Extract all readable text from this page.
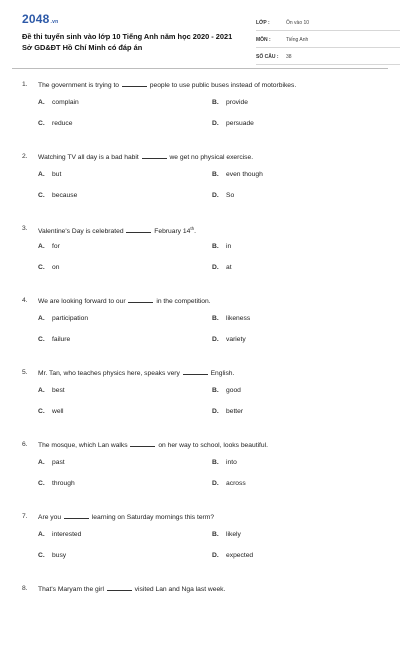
2048.vn
Đề thi tuyển sinh vào lớp 10 Tiếng Anh năm học 2020 - 2021 Sở GD&ĐT Hồ Chí Minh có đáp án
LỚP :	Ôn vào 10
MÔN :	Tiếng Anh
SỐ CÂU :	38
1.	The government is trying to	people to use public buses instead of motorbikes.
A. complain	B. provide
C. reduce	D. persuade
2.	Watching TV all day is a bad habit	we get no physical exercise.
A. but	B. even though
C. because	D. So
3.	Valentine's Day is celebrated	February 14th.
A. for	B. in
C. on	D. at
4.	We are looking forward to our	in the competition.
A. participation	B. likeness
C. failure	D. variety
5.	Mr. Tan, who teaches physics here, speaks very	English.
A. best	B. good
C. well	D. better
6.	The mosque, which Lan walks	on her way to school, looks beautiful.
A. past	B. into
C. through	D. across
7.	Are you	learning on Saturday mornings this term?
A. interested	B. likely
C. busy	D. expected
8.	That's Maryam the girl	visited Lan and Nga last week.
